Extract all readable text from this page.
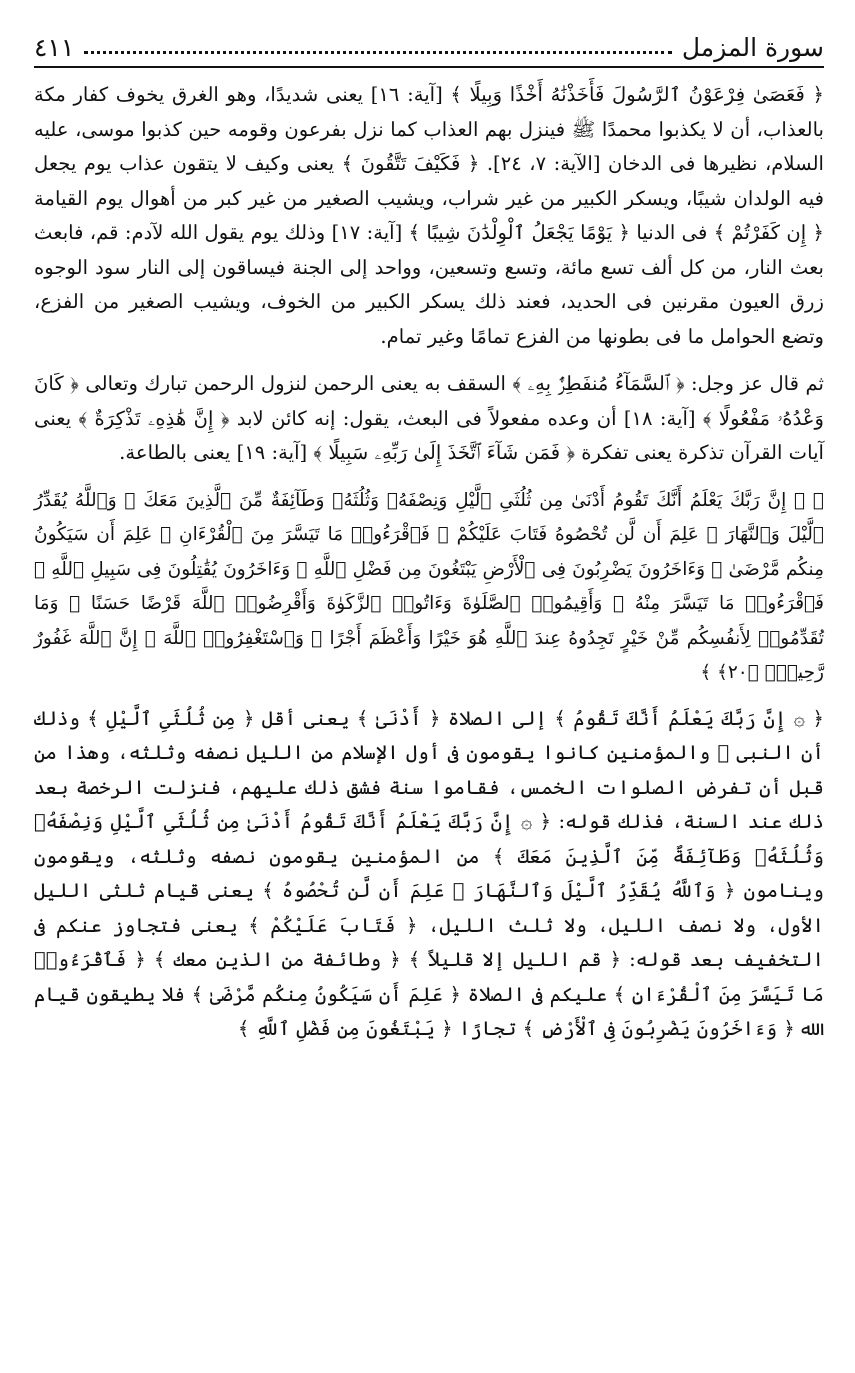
سورة المزمل
٤١١

﴿ فَعَصَىٰ فِرْعَوْنُ ٱلرَّسُولَ فَأَخَذْنَٰهُ أَخْذًا وَبِيلًا ﴾ [آية: ١٦] يعنى شديدًا، وهو الغرق يخوف كفار مكة بالعذاب، أن لا يكذبوا محمدًا ﷺ فينزل بهم العذاب كما نزل بفرعون وقومه حين كذبوا موسى، عليه السلام، نظيرها فى الدخان [الآية: ٧، ٢٤]. ﴿ فَكَيْفَ تَتَّقُونَ ﴾ يعنى وكيف لا يتقون عذاب يوم يجعل فيه الولدان شيبًا، ويسكر الكبير من غير شراب، ويشيب الصغير من غير كبر من أهوال يوم القيامة ﴿ إِن كَفَرْتُمْ ﴾ فى الدنيا ﴿ يَوْمًا يَجْعَلُ ٱلْوِلْدَٰنَ شِيبًا ﴾ [آية: ١٧] وذلك يوم يقول الله لآدم: قم، فابعث بعث النار، من كل ألف تسع مائة، وتسع وتسعين، وواحد إلى الجنة فيساقون إلى النار سود الوجوه زرق العيون مقرنين فى الحديد، فعند ذلك يسكر الكبير من الخوف، ويشيب الصغير من الفزع، وتضع الحوامل ما فى بطونها من الفزع تمامًا وغير تمام.

ثم قال عز وجل: ﴿ ٱلسَّمَآءُ مُنفَطِرٌۢ بِهِۦ ﴾ السقف به يعنى الرحمن لنزول الرحمن تبارك وتعالى ﴿ كَانَ وَعْدُهُۥ مَفْعُولًا ﴾ [آية: ١٨] أن وعده مفعولاً فى البعث، يقول: إنه كائن لابد ﴿ إِنَّ هَٰذِهِۦ تَذْكِرَةٌ ﴾ يعنى آيات القرآن تذكرة يعنى تفكرة ﴿ فَمَن شَآءَ ٱتَّخَذَ إِلَىٰ رَبِّهِۦ سَبِيلًا ﴾ [آية: ١٩] يعنى بالطاعة.

﴿ ۞ إِنَّ رَبَّكَ يَعْلَمُ أَنَّكَ تَقُومُ أَدْنَىٰ مِن ثُلُثَىِ ٱلَّيْلِ وَنِصْفَهُۥ وَثُلُثَهُۥ وَطَآئِفَةٌ مِّنَ ٱلَّذِينَ مَعَكَ ۚ وَٱللَّهُ يُقَدِّرُ ٱلَّيْلَ وَٱلنَّهَارَ ۚ عَلِمَ أَن لَّن تُحْصُوهُ فَتَابَ عَلَيْكُمْ ۖ فَٱقْرَءُوا۟ مَا تَيَسَّرَ مِنَ ٱلْقُرْءَانِ ۚ عَلِمَ أَن سَيَكُونُ مِنكُم مَّرْضَىٰ ۙ وَءَاخَرُونَ يَضْرِبُونَ فِى ٱلْأَرْضِ يَبْتَغُونَ مِن فَضْلِ ٱللَّهِ ۙ وَءَاخَرُونَ يُقَٰتِلُونَ فِى سَبِيلِ ٱللَّهِ ۖ فَٱقْرَءُوا۟ مَا تَيَسَّرَ مِنْهُ ۚ وَأَقِيمُوا۟ ٱلصَّلَوٰةَ وَءَاتُوا۟ ٱلزَّكَوٰةَ وَأَقْرِضُوا۟ ٱللَّهَ قَرْضًا حَسَنًا ۚ وَمَا تُقَدِّمُوا۟ لِأَنفُسِكُم مِّنْ خَيْرٍ تَجِدُوهُ عِندَ ٱللَّهِ هُوَ خَيْرًا وَأَعْظَمَ أَجْرًا ۚ وَٱسْتَغْفِرُوا۟ ٱللَّهَ ۖ إِنَّ ٱللَّهَ غَفُورٌ رَّحِيمٌۢ ﴿٢٠﴾ ﴾

﴿ ۞ إِنَّ رَبَّكَ يَعْلَمُ أَنَّكَ تَقُومُ ﴾ إلى الصلاة ﴿ أَدْنَىٰ ﴾ يعنى أقل ﴿ مِن ثُلُثَىِ ٱلَّيْلِ ﴾ وذلك أن النبى ﷺ والمؤمنين كانوا يقومون فى أول الإسلام من الليل نصفه وثلثه، وهذا من قبل أن تفرض الصلوات الخمس، فقاموا سنة فشق ذلك عليهم، فنزلت الرخصة بعد ذلك عند السنة، فذلك قوله: ﴿ ۞ إِنَّ رَبَّكَ يَعْلَمُ أَنَّكَ تَقُومُ أَدْنَىٰ مِن ثُلُثَىِ ٱلَّيْلِ وَنِصْفَهُۥ وَثُلُثَهُۥ وَطَآئِفَةٌ مِّنَ ٱلَّذِينَ مَعَكَ ﴾ من المؤمنين يقومون نصفه وثلثه، ويقومون وينامون ﴿ وَٱللَّهُ يُقَدِّرُ ٱلَّيْلَ وَٱلنَّهَارَ ۚ عَلِمَ أَن لَّن تُحْصُوهُ ﴾ يعنى قيام ثلثى الليل الأول، ولا نصف الليل، ولا ثلث الليل، ﴿ فَتَابَ عَلَيْكُمْ ﴾ يعنى فتجاوز عنكم فى التخفيف بعد قوله: ﴿ قم الليل إلا قليلاً ﴾ ﴿ وطائفة من الذين معك ﴾ ﴿ فَٱقْرَءُوا۟ مَا تَيَسَّرَ مِنَ ٱلْقُرْءَانِ ﴾ عليكم فى الصلاة ﴿ عَلِمَ أَن سَيَكُونُ مِنكُم مَّرْضَىٰ ﴾ فلا يطيقون قيام الله ﴿ وَءَاخَرُونَ يَضْرِبُونَ فِى ٱلْأَرْضِ ﴾ تجارًا ﴿ يَبْتَغُونَ مِن فَضْلِ ٱللَّهِ ﴾
